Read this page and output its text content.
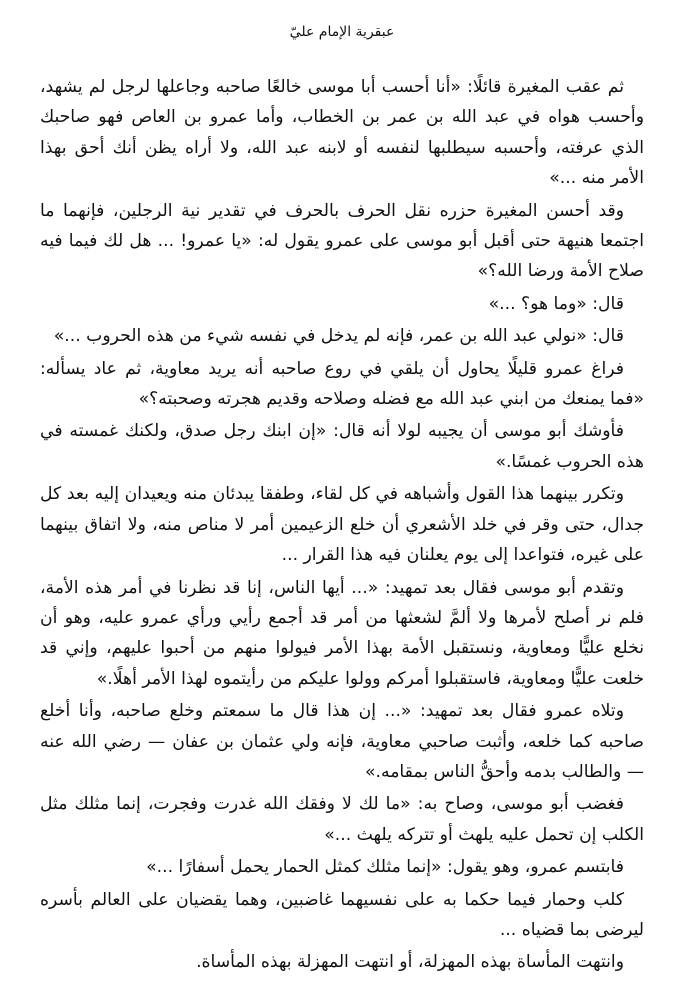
عبقرية الإمام عليّ

ثم عقب المغيرة قائلًا: «أنا أحسب أبا موسى خالعًا صاحبه وجاعلها لرجل لم يشهد، وأحسب هواه في عبد الله بن عمر بن الخطاب، وأما عمرو بن العاص فهو صاحبك الذي عرفته، وأحسبه سيطلبها لنفسه أو لابنه عبد الله، ولا أراه يظن أنك أحق بهذا الأمر منه ...»

وقد أحسن المغيرة حزره نقل الحرف بالحرف في تقدير نية الرجلين، فإنهما ما اجتمعا هنيهة حتى أقبل أبو موسى على عمرو يقول له: «يا عمرو! ... هل لك فيما فيه صلاح الأمة ورضا الله؟»

قال: «وما هو؟ ...»

قال: «نولي عبد الله بن عمر، فإنه لم يدخل في نفسه شيء من هذه الحروب ...»

فراغ عمرو قليلًا يحاول أن يلقي في روع صاحبه أنه يريد معاوية، ثم عاد يسأله: «فما يمنعك من ابني عبد الله مع فضله وصلاحه وقديم هجرته وصحبته؟»

فأوشك أبو موسى أن يجيبه لولا أنه قال: «إن ابنك رجل صدق، ولكنك غمسته في هذه الحروب غمسًا.»

وتكرر بينهما هذا القول وأشباهه في كل لقاء، وطفقا يبدئان منه ويعيدان إليه بعد كل جدال، حتى وقر في خلد الأشعري أن خلع الزعيمين أمر لا مناص منه، ولا اتفاق بينهما على غيره، فتواعدا إلى يوم يعلنان فيه هذا القرار ...

وتقدم أبو موسى فقال بعد تمهيد: «... أيها الناس، إنا قد نظرنا في أمر هذه الأمة، فلم نر أصلح لأمرها ولا ألمَّ لشعثها من أمر قد أجمع رأيي ورأي عمرو عليه، وهو أن نخلع عليًّا ومعاوية، ونستقبل الأمة بهذا الأمر فيولوا منهم من أحبوا عليهم، وإني قد خلعت عليًّا ومعاوية، فاستقبلوا أمركم وولوا عليكم من رأيتموه لهذا الأمر أهلًا.»

وتلاه عمرو فقال بعد تمهيد: «... إن هذا قال ما سمعتم وخلع صاحبه، وأنا أخلع صاحبه كما خلعه، وأثبت صاحبي معاوية، فإنه ولي عثمان بن عفان — رضي الله عنه — والطالب بدمه وأحقُّ الناس بمقامه.»

فغضب أبو موسى، وصاح به: «ما لك لا وفقك الله غدرت وفجرت، إنما مثلك مثل الكلب إن تحمل عليه يلهث أو تتركه يلهث ...»

فابتسم عمرو، وهو يقول: «إنما مثلك كمثل الحمار يحمل أسفارًا ...»

كلب وحمار فيما حكما به على نفسيهما غاضبين، وهما يقضيان على العالم بأسره ليرضى بما قضياه ...

وانتهت المأساة بهذه المهزلة، أو انتهت المهزلة بهذه المأساة.
